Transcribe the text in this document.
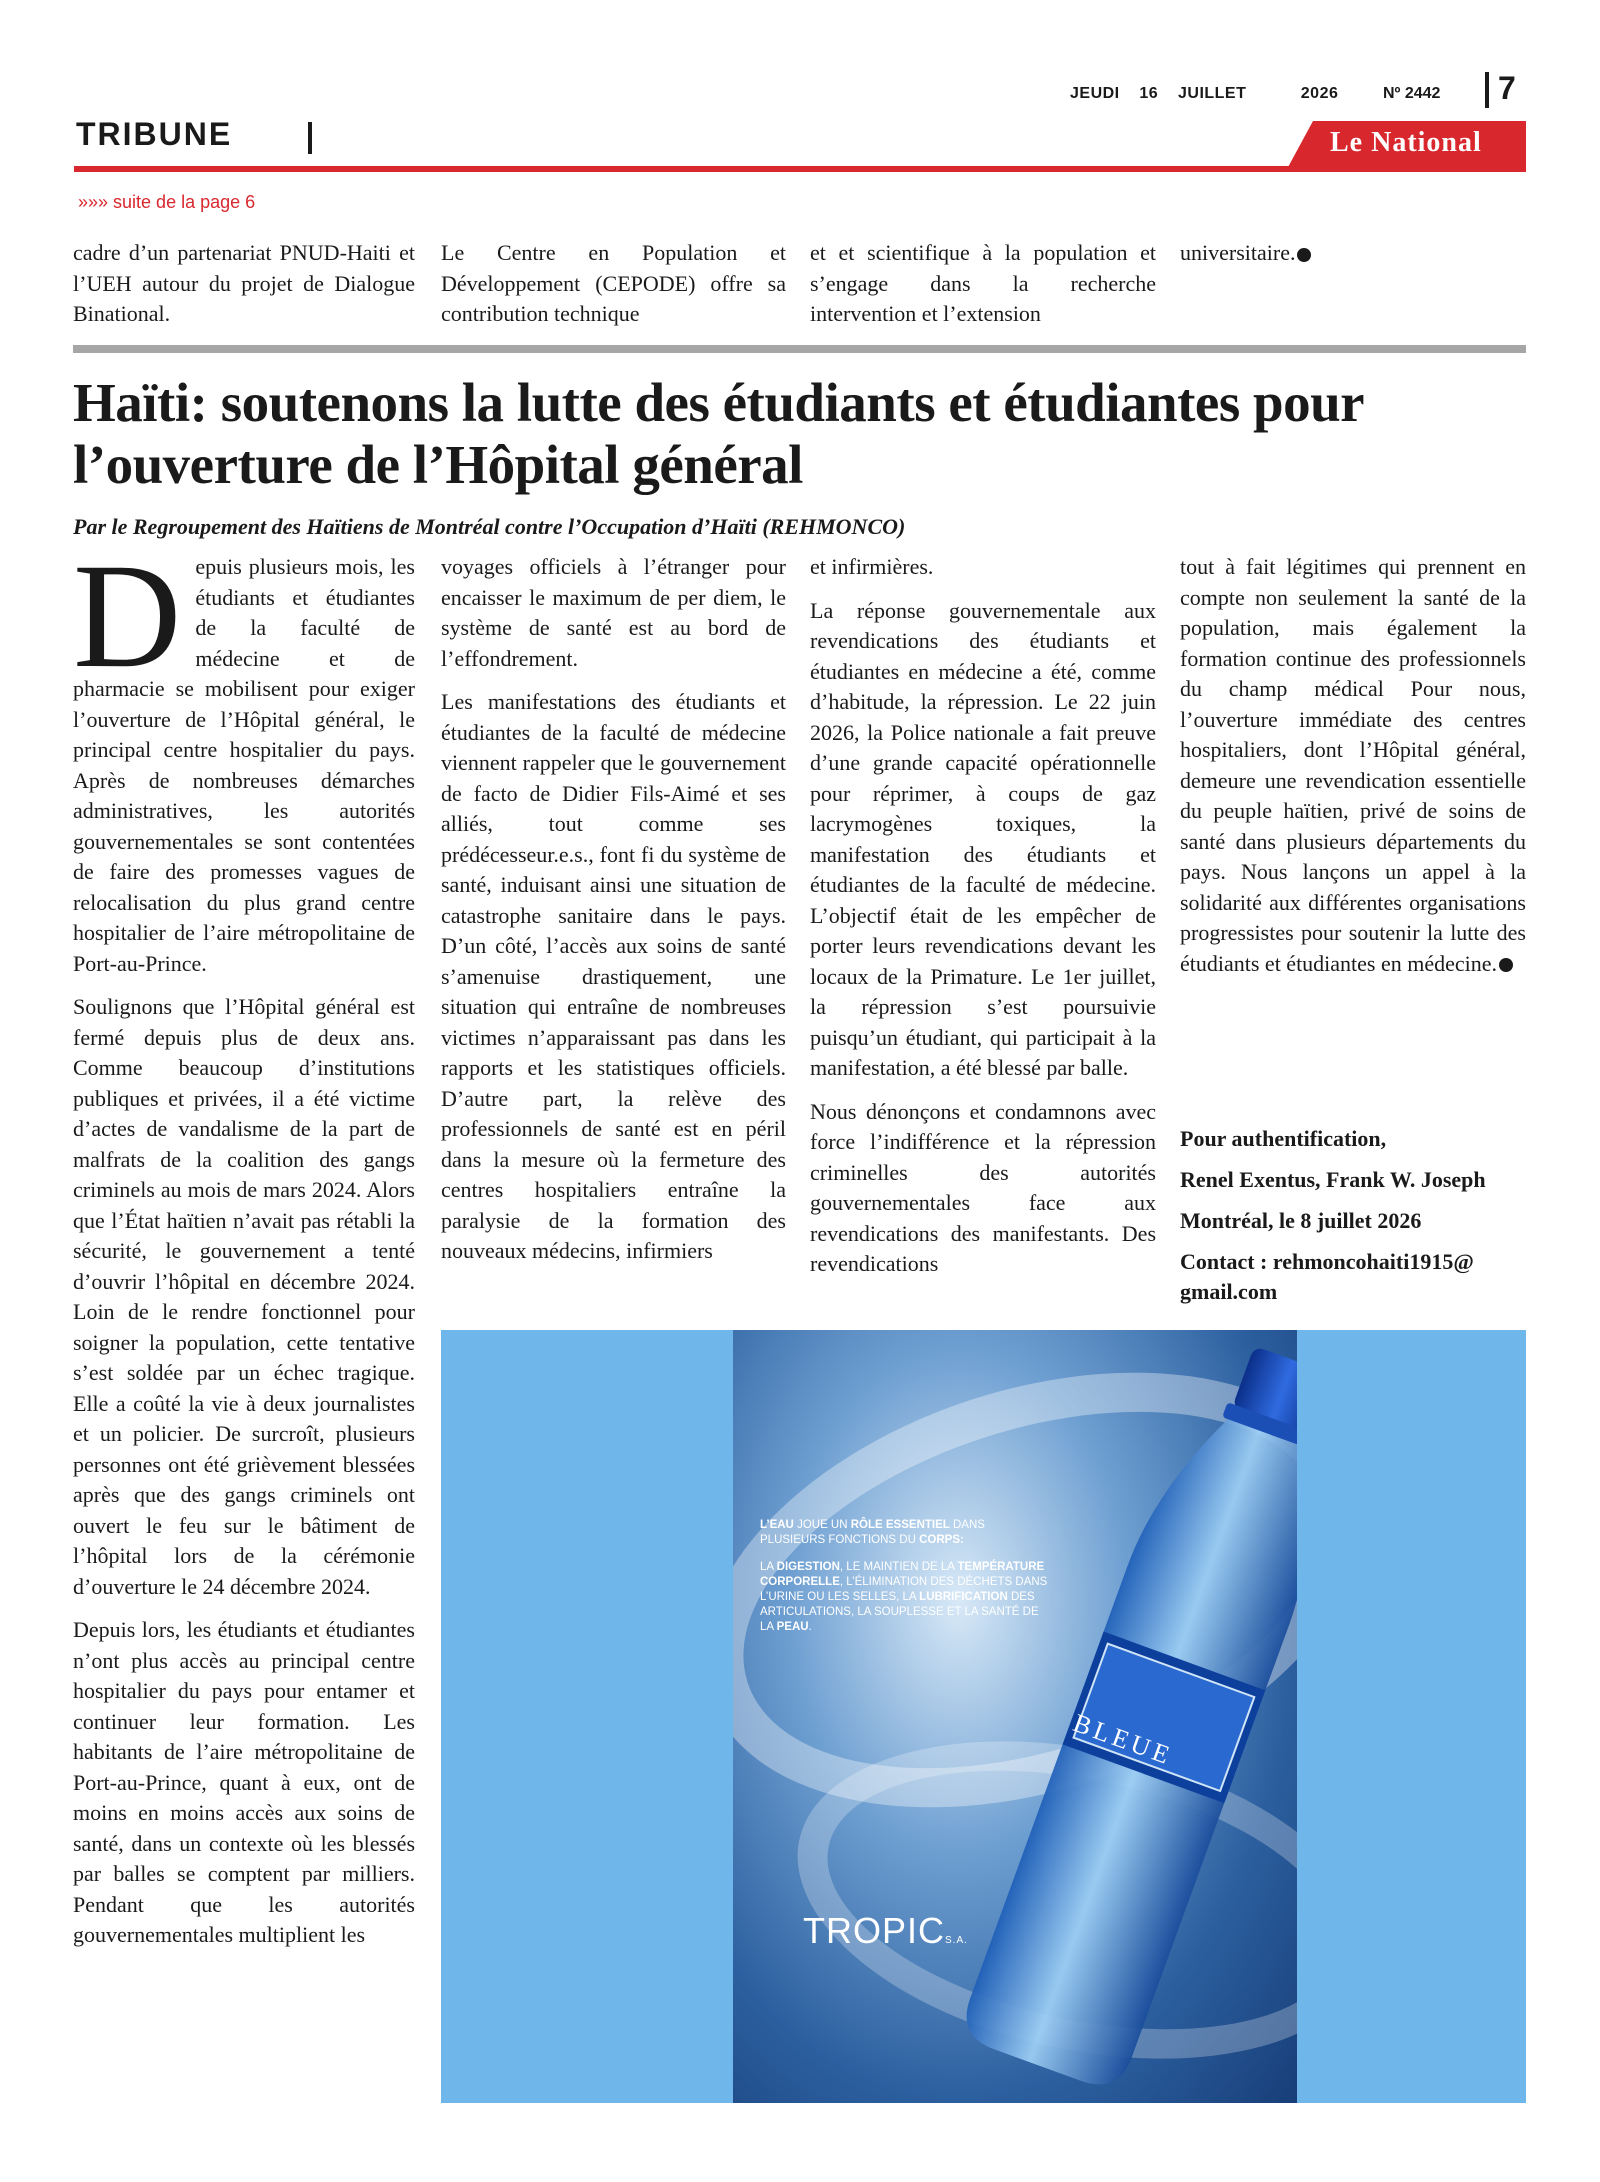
JEUDI 16 JUILLET	2026	Nº 2442 7
TRIBUNE	Le National
»»» suite de la page 6

cadre d’un partenariat PNUD-Haiti et l’UEH autour du projet de Dialogue Binational.

Le Centre en Population et Développement (CEPODE) offre sa contribution technique

et et scientifique à la population et s’engage dans la recherche intervention et l’extension

universitaire.

Haïti: soutenons la lutte des étudiants et étudiantes pour l’ouverture de l’Hôpital général
Par le Regroupement des Haïtiens de Montréal contre l’Occupation d’Haïti (REHMONCO)

Depuis plusieurs mois, les étudiants et étudiantes de la faculté de médecine et de pharmacie se mobilisent pour exiger l’ouverture de l’Hôpital général, le principal centre hospitalier du pays. Après de nombreuses démarches administratives, les autorités gouvernementales se sont contentées de faire des promesses vagues de relocalisation du plus grand centre hospitalier de l’aire métropolitaine de Port-au-Prince.

Soulignons que l’Hôpital général est fermé depuis plus de deux ans. Comme beaucoup d’institutions publiques et privées, il a été victime d’actes de vandalisme de la part de malfrats de la coalition des gangs criminels au mois de mars 2024. Alors que l’État haïtien n’avait pas rétabli la sécurité, le gouvernement a tenté d’ouvrir l’hôpital en décembre 2024. Loin de le rendre fonctionnel pour soigner la population, cette tentative s’est soldée par un échec tragique. Elle a coûté la vie à deux journalistes et un policier. De surcroît, plusieurs personnes ont été grièvement blessées après que des gangs criminels ont ouvert le feu sur le bâtiment de l’hôpital lors de la cérémonie d’ouverture le 24 décembre 2024.

Depuis lors, les étudiants et étudiantes n’ont plus accès au principal centre hospitalier du pays pour entamer et continuer leur formation. Les habitants de l’aire métropolitaine de Port-au-Prince, quant à eux, ont de moins en moins accès aux soins de santé, dans un contexte où les blessés par balles se comptent par milliers. Pendant que les autorités gouvernementales multiplient les

voyages officiels à l’étranger pour encaisser le maximum de per diem, le système de santé est au bord de l’effondrement.

Les manifestations des étudiants et étudiantes de la faculté de médecine viennent rappeler que le gouvernement de facto de Didier Fils-Aimé et ses alliés, tout comme ses prédécesseur.e.s., font fi du système de santé, induisant ainsi une situation de catastrophe sanitaire dans le pays. D’un côté, l’accès aux soins de santé s’amenuise drastiquement, une situation qui entraîne de nombreuses victimes n’apparaissant pas dans les rapports et les statistiques officiels. D’autre part, la relève des professionnels de santé est en péril dans la mesure où la fermeture des centres hospitaliers entraîne la paralysie de la formation des nouveaux médecins, infirmiers

et infirmières.

La réponse gouvernementale aux revendications des étudiants et étudiantes en médecine a été, comme d’habitude, la répression. Le 22 juin 2026, la Police nationale a fait preuve d’une grande capacité opérationnelle pour réprimer, à coups de gaz lacrymogènes toxiques, la manifestation des étudiants et étudiantes de la faculté de médecine. L’objectif était de les empêcher de porter leurs revendications devant les locaux de la Primature. Le 1er juillet, la répression s’est poursuivie puisqu’un étudiant, qui participait à la manifestation, a été blessé par balle.

Nous dénonçons et condamnons avec force l’indifférence et la répression criminelles des autorités gouvernementales face aux revendications des manifestants. Des revendications

tout à fait légitimes qui prennent en compte non seulement la santé de la population, mais également la formation continue des professionnels du champ médical Pour nous, l’ouverture immédiate des centres hospitaliers, dont l’Hôpital général, demeure une revendication essentielle du peuple haïtien, privé de soins de santé dans plusieurs départements du pays. Nous lançons un appel à la solidarité aux différentes organisations progressistes pour soutenir la lutte des étudiants et étudiantes en médecine.

Pour authentification,
Renel Exentus, Frank W. Joseph
Montréal, le 8 juillet 2026
Contact : rehmoncohaiti1915@ gmail.com
BLEUE
L’EAU JOUE UN RÔLE ESSENTIEL DANS PLUSIEURS FONCTIONS DU CORPS:
LA DIGESTION, LE MAINTIEN DE LA TEMPÉRATURE CORPORELLE, L’ÉLIMINATION DES DÉCHETS DANS L’URINE OU LES SELLES, LA LUBRIFICATION DES ARTICULATIONS, LA SOUPLESSE ET LA SANTÉ DE LA PEAU.
TROPICS.A.
